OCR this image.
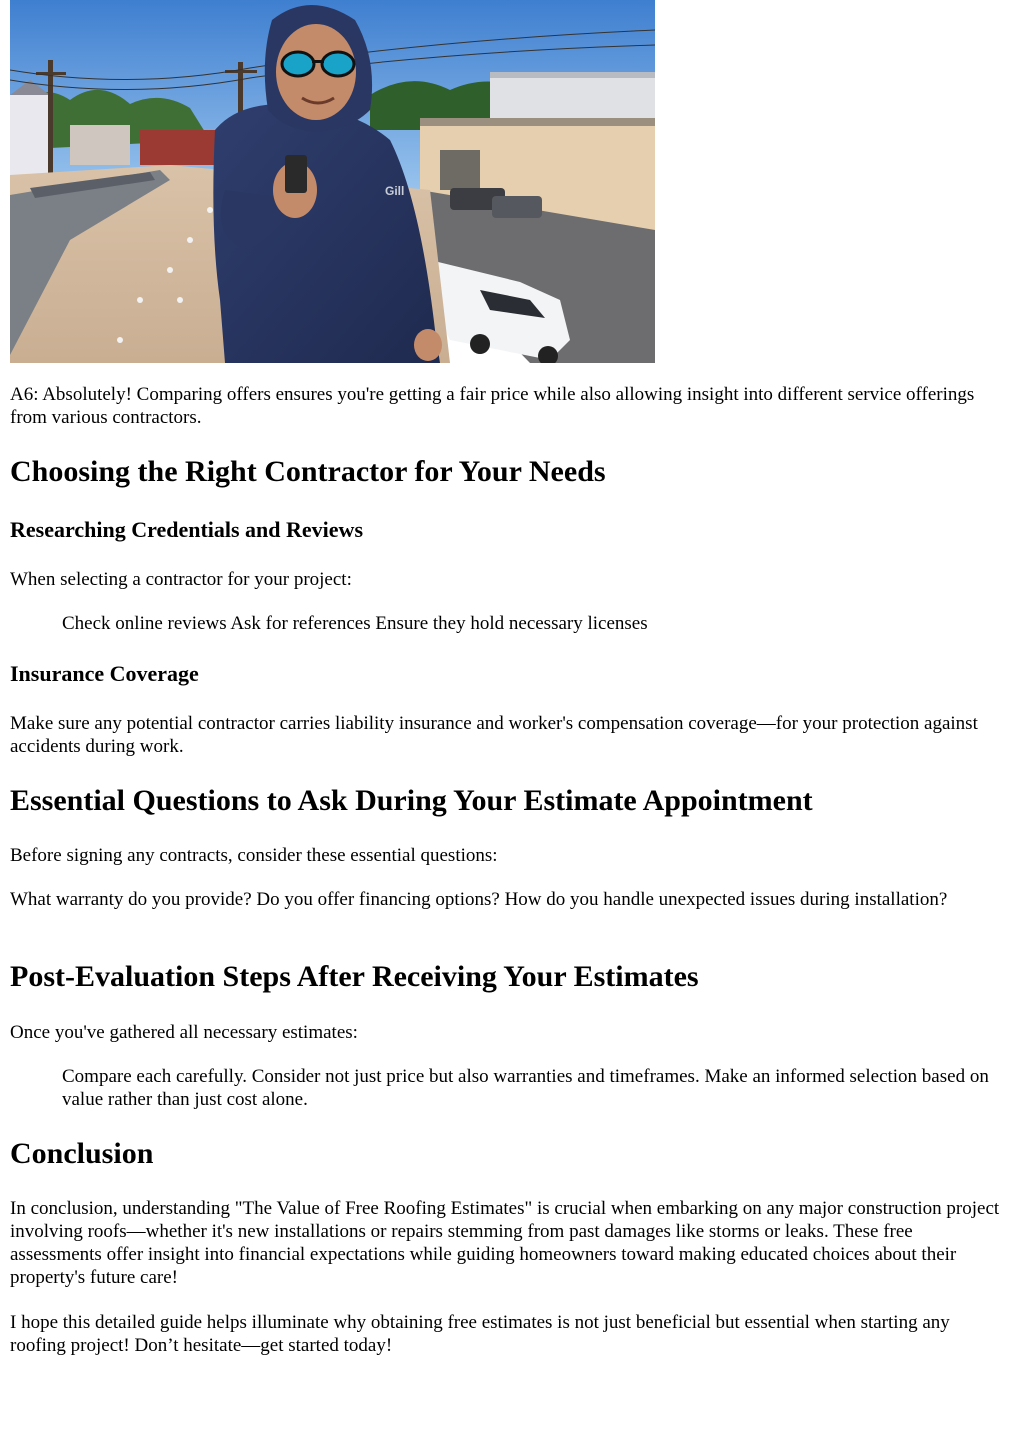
Gill

A6: Absolutely! Comparing offers ensures you're getting a fair price while also allowing insight into different service offerings from various contractors.

Choosing the Right Contractor for Your Needs
Researching Credentials and Reviews

When selecting a contractor for your project:

Check online reviews Ask for references Ensure they hold necessary licenses

Insurance Coverage

Make sure any potential contractor carries liability insurance and worker's compensation coverage—for your protection against accidents during work.

Essential Questions to Ask During Your Estimate Appointment

Before signing any contracts, consider these essential questions:

What warranty do you provide? Do you offer financing options? How do you handle unexpected issues during installation?

Post-Evaluation Steps After Receiving Your Estimates

Once you've gathered all necessary estimates:

Compare each carefully. Consider not just price but also warranties and timeframes. Make an informed selection based on value rather than just cost alone.

Conclusion

In conclusion, understanding "The Value of Free Roofing Estimates" is crucial when embarking on any major construction project involving roofs—whether it's new installations or repairs stemming from past damages like storms or leaks. These free assessments offer insight into financial expectations while guiding homeowners toward making educated choices about their property's future care!

I hope this detailed guide helps illuminate why obtaining free estimates is not just beneficial but essential when starting any roofing project! Don’t hesitate—get started today!
